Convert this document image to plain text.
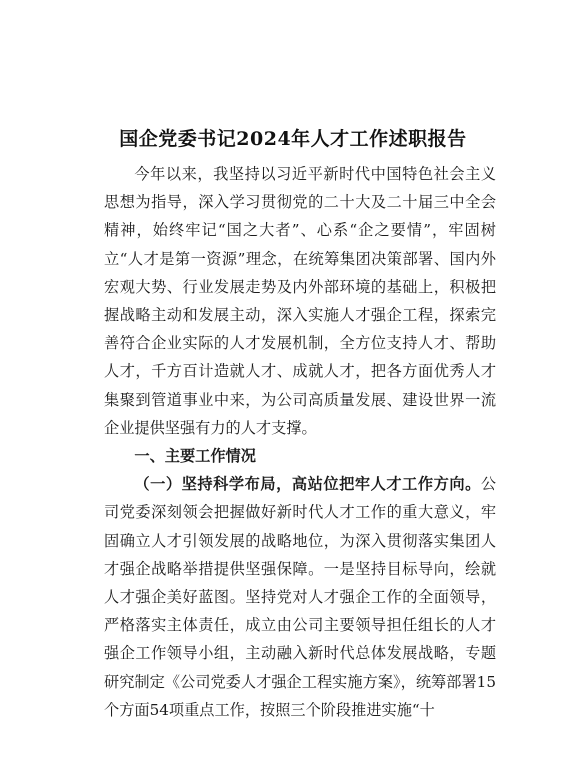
国企党委书记2024年人才工作述职报告

今年以来，我坚持以习近平新时代中国特色社会主义思想为指导，深入学习贯彻党的二十大及二十届三中全会精神，始终牢记“国之大者”、心系“企之要情”，牢固树立“人才是第一资源”理念，在统筹集团决策部署、国内外宏观大势、行业发展走势及内外部环境的基础上，积极把握战略主动和发展主动，深入实施人才强企工程，探索完善符合企业实际的人才发展机制，全方位支持人才、帮助人才，千方百计造就人才、成就人才，把各方面优秀人才集聚到管道事业中来，为公司高质量发展、建设世界一流企业提供坚强有力的人才支撑。

一、主要工作情况

（一）坚持科学布局，高站位把牢人才工作方向。公司党委深刻领会把握做好新时代人才工作的重大意义，牢固确立人才引领发展的战略地位，为深入贯彻落实集团人才强企战略举措提供坚强保障。一是坚持目标导向，绘就人才强企美好蓝图。坚持党对人才强企工作的全面领导，严格落实主体责任，成立由公司主要领导担任组长的人才强企工作领导小组，主动融入新时代总体发展战略，专题研究制定《公司党委人才强企工程实施方案》，统筹部署15个方面54项重点工作，按照三个阶段推进实施“十
